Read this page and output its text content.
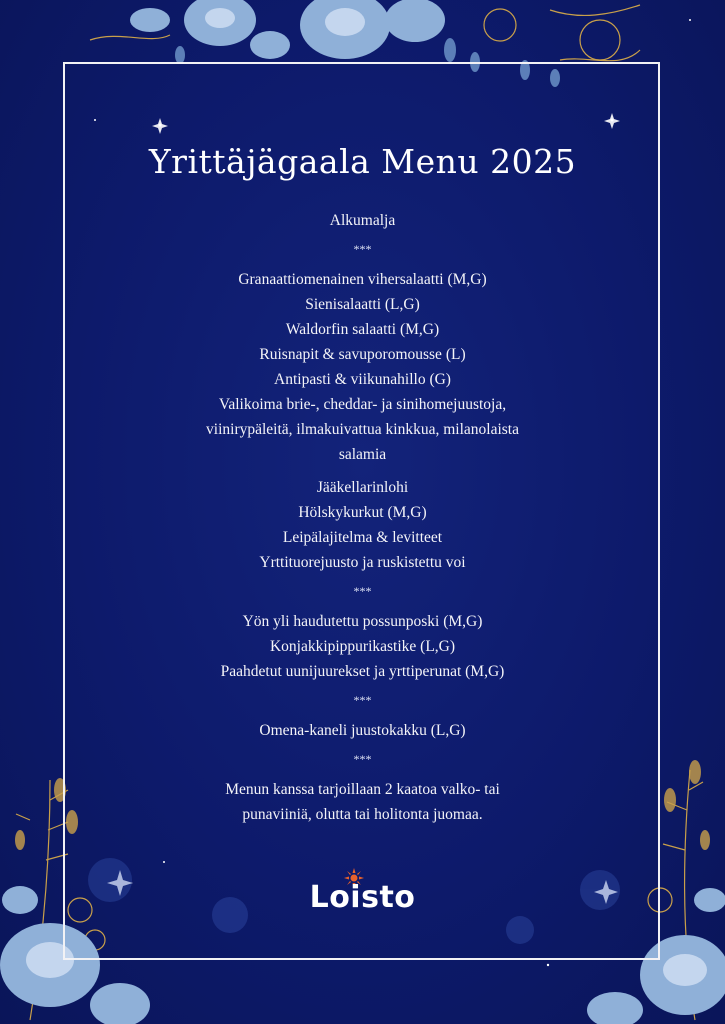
Yrittäjägaala Menu 2025
Alkumalja
***
Granaattiomenainen vihersalaatti (M,G)
Sienisalaatti (L,G)
Waldorfin salaatti (M,G)
Ruisnapit & savuporomousse (L)
Antipasti & viikunahillo (G)
Valikoima brie-, cheddar- ja sinihomejuustoja,
viinirypäleitä, ilmakuivattua kinkkua, milanolaista
salamia
Jääkellarinlohi
Hölskykurkut (M,G)
Leipälajitelma & levitteet
Yrttituorejuusto ja ruskistettu voi
***
Yön yli haudutettu possunposki (M,G)
Konjakkipippurikastike (L,G)
Paahdetut uunijuurekset ja yrttiperunat (M,G)
***
Omena-kaneli juustokakku (L,G)
***
Menun kanssa tarjoillaan 2 kaatoa valko- tai
punaviiniä, olutta tai holitonta juomaa.
Loisto
